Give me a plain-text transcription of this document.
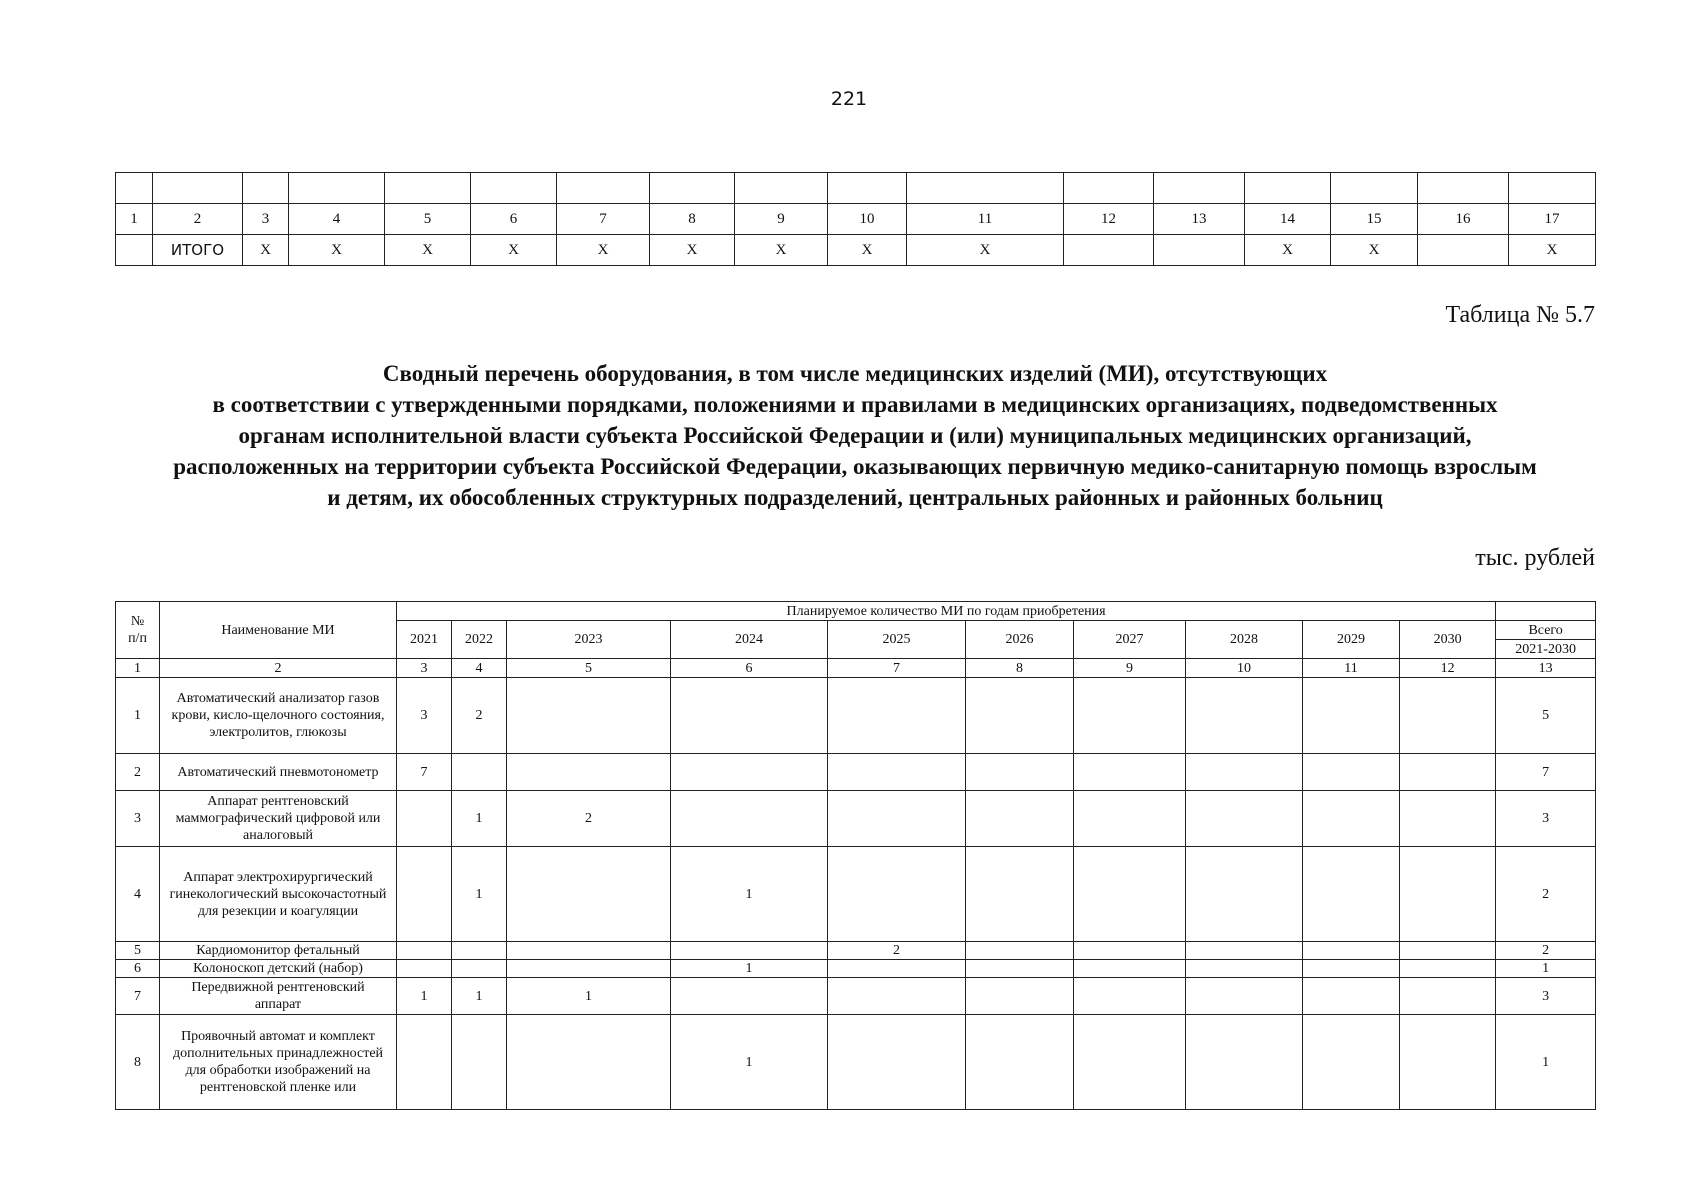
221

1	2	3	4	5	6	7	8	9	10	11	12	13	14	15	16	17
	ИТОГО	Х	Х	Х	Х	Х	Х	Х	Х	Х			Х	Х		Х
Таблица № 5.7
Сводный перечень оборудования, в том числе медицинских изделий (МИ), отсутствующих
в соответствии с утвержденными порядками, положениями и правилами в медицинских организациях, подведомственных
органам исполнительной власти субъекта Российской Федерации и (или) муниципальных медицинских организаций,
расположенных на территории субъекта Российской Федерации, оказывающих первичную медико-санитарную помощь взрослым
и детям, их обособленных структурных подразделений, центральных районных и районных больниц
тыс. рублей
№
п/п	Наименование МИ	Планируемое количество МИ по годам приобретения										
		2021	2022	2023	2024	2025	2026	2027	2028	2029	2030	Всего
												2021-2030
1	2	3	4	5	6	7	8	9	10	11	12	13
1	Автоматический анализатор газов крови, кисло-щелочного состояния, электролитов, глюкозы	3	2									5
2	Автоматический пневмотонометр	7										7
3	Аппарат рентгеновский маммографический цифровой или аналоговый		1	2								3
4	Аппарат электрохирургический гинекологический высокочастотный для резекции и коагуляции		1		1							2
5	Кардиомонитор фетальный					2						2
6	Колоноскоп детский (набор)				1							1
7	Передвижной рентгеновский аппарат	1	1	1								3
8	Проявочный автомат и комплект дополнительных принадлежностей для обработки изображений на рентгеновской пленке или				1							1
